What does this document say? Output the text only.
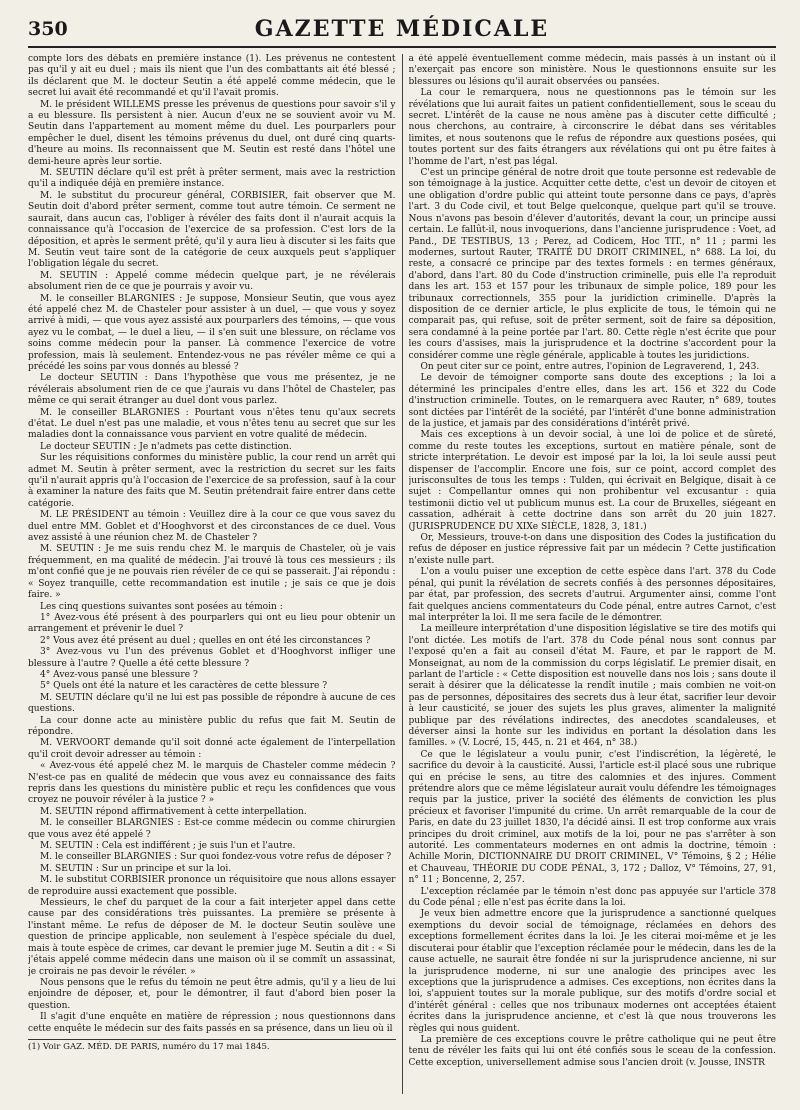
350	GAZETTE MÉDICALE

compte lors des débats en première instance (1). Les prévenus ne contestent pas qu'il y ait eu duel ; mais ils nient que l'un des combattants ait été blessé ; ils déclarent que M. le docteur Seutin a été appelé comme médecin, que le secret lui avait été recommandé et qu'il l'avait promis.

M. le président WILLEMS presse les prévenus de questions pour savoir s'il y a eu blessure. Ils persistent à nier. Aucun d'eux ne se souvient avoir vu M. Seutin dans l'appartement au moment même du duel. Les pourparlers pour empêcher le duel, disent les témoins prévenus du duel, ont duré cinq quarts-d'heure au moins. Ils reconnaissent que M. Seutin est resté dans l'hôtel une demi-heure après leur sortie.

M. SEUTIN déclare qu'il est prêt à prêter serment, mais avec la restriction qu'il a indiquée déjà en première instance.

M. le substitut du procureur général, CORBISIER, fait observer que M. Seutin doit d'abord prêter serment, comme tout autre témoin. Ce serment ne saurait, dans aucun cas, l'obliger à révéler des faits dont il n'aurait acquis la connaissance qu'à l'occasion de l'exercice de sa profession. C'est lors de la déposition, et après le serment prêté, qu'il y aura lieu à discuter si les faits que M. Seutin veut taire sont de la catégorie de ceux auxquels peut s'appliquer l'obligation légale du secret.

M. SEUTIN : Appelé comme médecin quelque part, je ne révélerais absolument rien de ce que je pourrais y avoir vu.

M. le conseiller BLARGNIES : Je suppose, Monsieur Seutin, que vous ayez été appelé chez M. de Chasteler pour assister à un duel, — que vous y soyez arrivé à midi, — que vous ayez assisté aux pourparlers des témoins, — que vous ayez vu le combat, — le duel a lieu, — il s'en suit une blessure, on réclame vos soins comme médecin pour la panser. Là commence l'exercice de votre profession, mais là seulement. Entendez-vous ne pas révéler même ce qui a précédé les soins par vous donnés au blessé ?

Le docteur SEUTIN : Dans l'hypothèse que vous me présentez, je ne révélerais absolument rien de ce que j'aurais vu dans l'hôtel de Chasteler, pas même ce qui serait étranger au duel dont vous parlez.

M. le conseiller BLARGNIES : Pourtant vous n'êtes tenu qu'aux secrets d'état. Le duel n'est pas une maladie, et vous n'êtes tenu au secret que sur les maladies dont la connaissance vous parvient en votre qualité de médecin.

Le docteur SEUTIN : Je n'admets pas cette distinction.

Sur les réquisitions conformes du ministère public, la cour rend un arrêt qui admet M. Seutin à prêter serment, avec la restriction du secret sur les faits qu'il n'aurait appris qu'à l'occasion de l'exercice de sa profession, sauf à la cour à examiner la nature des faits que M. Seutin prétendrait faire entrer dans cette catégorie.

M. LE PRÉSIDENT au témoin : Veuillez dire à la cour ce que vous savez du duel entre MM. Goblet et d'Hooghvorst et des circonstances de ce duel. Vous avez assisté à une réunion chez M. de Chasteler ?

M. SEUTIN : Je me suis rendu chez M. le marquis de Chasteler, où je vais fréquemment, en ma qualité de médecin. J'ai trouvé là tous ces messieurs ; ils m'ont confié que je ne pouvais rien révéler de ce qui se passerait. J'ai répondu : « Soyez tranquille, cette recommandation est inutile ; je sais ce que je dois faire. »

Les cinq questions suivantes sont posées au témoin :

1° Avez-vous été présent à des pourparlers qui ont eu lieu pour obtenir un arrangement et prévenir le duel ?

2° Vous avez été présent au duel ; quelles en ont été les circonstances ?

3° Avez-vous vu l'un des prévenus Goblet et d'Hooghvorst infliger une blessure à l'autre ? Quelle a été cette blessure ?

4° Avez-vous pansé une blessure ?

5° Quels ont été la nature et les caractères de cette blessure ?

M. SEUTIN déclare qu'il ne lui est pas possible de répondre à aucune de ces questions.

La cour donne acte au ministère public du refus que fait M. Seutin de répondre.

M. VERVOORT demande qu'il soit donné acte également de l'interpellation qu'il croit devoir adresser au témoin :

« Avez-vous été appelé chez M. le marquis de Chasteler comme médecin ? N'est-ce pas en qualité de médecin que vous avez eu connaissance des faits repris dans les questions du ministère public et reçu les confidences que vous croyez ne pouvoir révéler à la justice ? »

M. SEUTIN répond affirmativement à cette interpellation.

M. le conseiller BLARGNIES : Est-ce comme médecin ou comme chirurgien que vous avez été appelé ?

M. SEUTIN : Cela est indifférent ; je suis l'un et l'autre.

M. le conseiller BLARGNIES : Sur quoi fondez-vous votre refus de déposer ?

M. SEUTIN : Sur un principe et sur la loi.

M. le substitut CORBISIER prononce un réquisitoire que nous allons essayer de reproduire aussi exactement que possible.

Messieurs, le chef du parquet de la cour a fait interjeter appel dans cette cause par des considérations très puissantes. La première se présente à l'instant même. Le refus de déposer de M. le docteur Seutin soulève une question de principe applicable, non seulement à l'espèce spéciale du duel, mais à toute espèce de crimes, car devant le premier juge M. Seutin a dit : « Si j'étais appelé comme médecin dans une maison où il se commît un assassinat, je croirais ne pas devoir le révéler. »

Nous pensons que le refus du témoin ne peut être admis, qu'il y a lieu de lui enjoindre de déposer, et, pour le démontrer, il faut d'abord bien poser la question.

Il s'agit d'une enquête en matière de répression ; nous questionnons dans cette enquête le médecin sur des faits passés en sa présence, dans un lieu où il

(1) Voir GAZ. MÉD. DE PARIS, numéro du 17 mai 1845.

a été appelé éventuellement comme médecin, mais passés à un instant où il n'exerçait pas encore son ministère. Nous le questionnons ensuite sur les blessures ou lésions qu'il aurait observées ou pansées.

La cour le remarquera, nous ne questionnons pas le témoin sur les révélations que lui aurait faites un patient confidentiellement, sous le sceau du secret. L'intérêt de la cause ne nous amène pas à discuter cette difficulté ; nous cherchons, au contraire, à circonscrire le débat dans ses véritables limites, et nous soutenons que le refus de répondre aux questions posées, qui toutes portent sur des faits étrangers aux révélations qui ont pu être faites à l'homme de l'art, n'est pas légal.

C'est un principe général de notre droit que toute personne est redevable de son témoignage à la justice. Acquitter cette dette, c'est un devoir de citoyen et une obligation d'ordre public qui atteint toute personne dans ce pays, d'après l'art. 3 du Code civil, et tout Belge quelconque, quelque part qu'il se trouve. Nous n'avons pas besoin d'élever d'autorités, devant la cour, un principe aussi certain. Le fallût-il, nous invoquerions, dans l'ancienne jurisprudence : Voet, ad Pand., DE TESTIBUS, 13 ; Perez, ad Codicem, Hoc TIT., n° 11 ; parmi les modernes, surtout Rauter, TRAITÉ DU DROIT CRIMINEL, n° 688. La loi, du reste, a consacré ce principe par des textes formels : en termes généraux, d'abord, dans l'art. 80 du Code d'instruction criminelle, puis elle l'a reproduit dans les art. 153 et 157 pour les tribunaux de simple police, 189 pour les tribunaux correctionnels, 355 pour la juridiction criminelle. D'après la disposition de ce dernier article, le plus explicite de tous, le témoin qui ne comparait pas, qui refuse, soit de prêter serment, soit de faire sa déposition, sera condamné à la peine portée par l'art. 80. Cette règle n'est écrite que pour les cours d'assises, mais la jurisprudence et la doctrine s'accordent pour la considérer comme une règle générale, applicable à toutes les juridictions.

On peut citer sur ce point, entre autres, l'opinion de Legraverend, 1, 243.

Le devoir de témoigner comporte sans doute des exceptions ; la loi a déterminé les principales d'entre elles, dans les art. 156 et 322 du Code d'instruction criminelle. Toutes, on le remarquera avec Rauter, n° 689, toutes sont dictées par l'intérêt de la société, par l'intérêt d'une bonne administration de la justice, et jamais par des considérations d'intérêt privé.

Mais ces exceptions à un devoir social, à une loi de police et de sûreté, comme du reste toutes les exceptions, surtout en matière pénale, sont de stricte interprétation. Le devoir est imposé par la loi, la loi seule aussi peut dispenser de l'accomplir. Encore une fois, sur ce point, accord complet des jurisconsultes de tous les temps : Tulden, qui écrivait en Belgique, disait à ce sujet : Compellantur omnes qui non prohibentur vel excusantur : quia testimonii dictio vel ut publicum munus est. La cour de Bruxelles, siégeant en cassation, adhérait à cette doctrine dans son arrêt du 20 juin 1827. (JURISPRUDENCE DU XIXe SIÈCLE, 1828, 3, 181.)

Or, Messieurs, trouve-t-on dans une disposition des Codes la justification du refus de déposer en justice répressive fait par un médecin ? Cette justification n'existe nulle part.

L'on a voulu puiser une exception de cette espèce dans l'art. 378 du Code pénal, qui punit la révélation de secrets confiés à des personnes dépositaires, par état, par profession, des secrets d'autrui. Argumenter ainsi, comme l'ont fait quelques anciens commentateurs du Code pénal, entre autres Carnot, c'est mal interpréter la loi. Il me sera facile de le démontrer.

La meilleure interprétation d'une disposition législative se tire des motifs qui l'ont dictée. Les motifs de l'art. 378 du Code pénal nous sont connus par l'exposé qu'en a fait au conseil d'état M. Faure, et par le rapport de M. Monseignat, au nom de la commission du corps législatif. Le premier disait, en parlant de l'article : « Cette disposition est nouvelle dans nos lois ; sans doute il serait à désirer que la délicatesse la rendît inutile ; mais combien ne voit-on pas de personnes, dépositaires des secrets dus à leur état, sacrifier leur devoir à leur causticité, se jouer des sujets les plus graves, alimenter la malignité publique par des révélations indirectes, des anecdotes scandaleuses, et déverser ainsi la honte sur les individus en portant la désolation dans les familles. » (V. Locré, 15, 445, n. 21 et 464, n° 38.)

Ce que le législateur a voulu punir, c'est l'indiscrétion, la légèreté, le sacrifice du devoir à la causticité. Aussi, l'article est-il placé sous une rubrique qui en précise le sens, au titre des calomnies et des injures. Comment prétendre alors que ce même législateur aurait voulu défendre les témoignages requis par la justice, priver la société des éléments de conviction les plus précieux et favoriser l'impunité du crime. Un arrêt remarquable de la cour de Paris, en date du 23 juillet 1830, l'a décidé ainsi. Il est trop conforme aux vrais principes du droit criminel, aux motifs de la loi, pour ne pas s'arrêter à son autorité. Les commentateurs modernes en ont admis la doctrine, témoin : Achille Morin, DICTIONNAIRE DU DROIT CRIMINEL, V° Témoins, § 2 ; Hélie et Chauveau, THÉORIE DU CODE PÉNAL, 3, 172 ; Dalloz, V° Témoins, 27, 91, n° 11 ; Boncenne, 2, 257.

L'exception réclamée par le témoin n'est donc pas appuyée sur l'article 378 du Code pénal ; elle n'est pas écrite dans la loi.

Je veux bien admettre encore que la jurisprudence a sanctionné quelques exemptions du devoir social de témoignage, réclamées en dehors des exceptions formellement écrites dans la loi. Je les citerai moi-même et je les discuterai pour établir que l'exception réclamée pour le médecin, dans les de la cause actuelle, ne saurait être fondée ni sur la jurisprudence ancienne, ni sur la jurisprudence moderne, ni sur une analogie des principes avec les exceptions que la jurisprudence a admises. Ces exceptions, non écrites dans la loi, s'appuient toutes sur la morale publique, sur des motifs d'ordre social et d'intérêt général : celles que nos tribunaux modernes ont acceptées étaient écrites dans la jurisprudence ancienne, et c'est là que nous trouverons les règles qui nous guident.

La première de ces exceptions couvre le prêtre catholique qui ne peut être tenu de révéler les faits qui lui ont été confiés sous le sceau de la confession. Cette exception, universellement admise sous l'ancien droit (v. Jousse, INSTR
